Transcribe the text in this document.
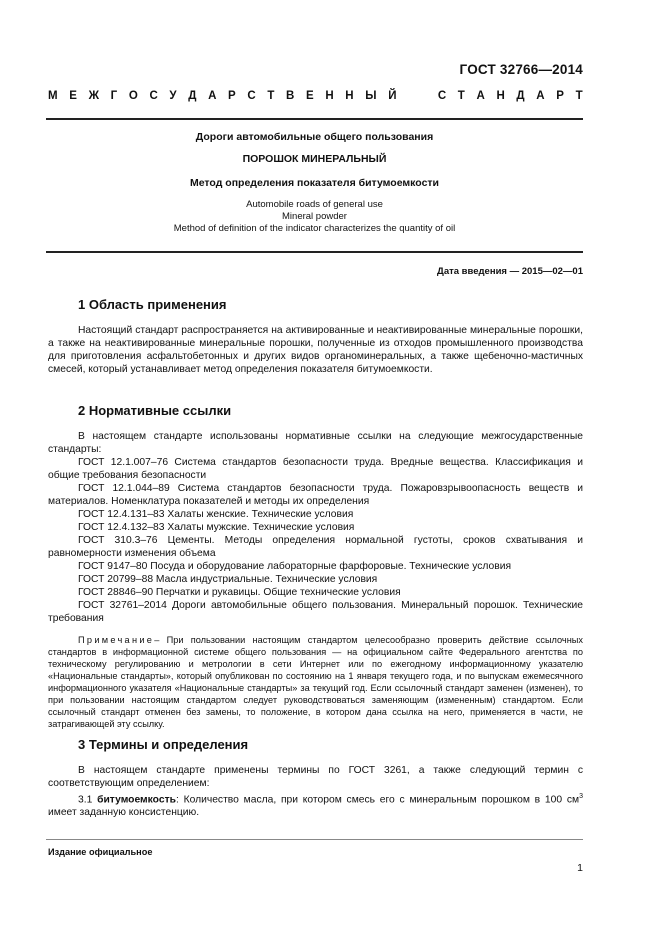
ГОСТ 32766—2014
М Е Ж Г О С У Д А Р С Т В Е Н Н Ы Й

	С Т А Н Д А Р Т

Дороги автомобильные общего пользования

ПОРОШОК МИНЕРАЛЬНЫЙ

Метод определения показателя битумоемкости

Automobile roads of general use

Mineral powder

Method of definition of the indicator characterizes the quantity of oil

Дата введения — 2015—02—01
1 Область применения

Настоящий стандарт распространяется на активированные и неактивированные минеральные порошки, а также на неактивированные минеральные порошки, полученные из отходов промышленного производства для приготовления асфальтобетонных и других видов органоминеральных, а также щебеночно-мастичных смесей, который устанавливает метод определения показателя битумоемкости.

2 Нормативные ссылки

В настоящем стандарте использованы нормативные ссылки на следующие межгосударственные стандарты:

ГОСТ 12.1.007–76 Система стандартов безопасности труда. Вредные вещества. Классификация и общие требования безопасности

ГОСТ 12.1.044–89 Система стандартов безопасности труда. Пожаровзрывоопасность веществ и материалов. Номенклатура показателей и методы их определения

ГОСТ 12.4.131–83 Халаты женские. Технические условия

ГОСТ 12.4.132–83 Халаты мужские. Технические условия

ГОСТ 310.3–76 Цементы. Методы определения нормальной густоты, сроков схватывания и равномерности изменения объема

ГОСТ 9147–80 Посуда и оборудование лабораторные фарфоровые. Технические условия

ГОСТ 20799–88 Масла индустриальные. Технические условия

ГОСТ 28846–90 Перчатки и рукавицы. Общие технические условия

ГОСТ 32761–2014 Дороги автомобильные общего пользования. Минеральный порошок. Технические требования

Примечание– При пользовании настоящим стандартом целесообразно проверить действие ссылочных стандартов в информационной системе общего пользования — на официальном сайте Федерального агентства по техническому регулированию и метрологии в сети Интернет или по ежегодному информационному указателю «Национальные стандарты», который опубликован по состоянию на 1 января текущего года, и по выпускам ежемесячного информационного указателя «Национальные стандарты» за текущий год. Если ссылочный стандарт заменен (изменен), то при пользовании настоящим стандартом следует руководствоваться заменяющим (измененным) стандартом. Если ссылочный стандарт отменен без замены, то положение, в котором дана ссылка на него, применяется в части, не затрагивающей эту ссылку.

3 Термины и определения

В настоящем стандарте применены термины по ГОСТ 3261, а также следующий термин с соответствующим определением:

3.1 битумоемкость: Количество масла, при котором смесь его с минеральным порошком в 100 $см^3$ имеет заданную консистенцию.

Издание официальное
1
